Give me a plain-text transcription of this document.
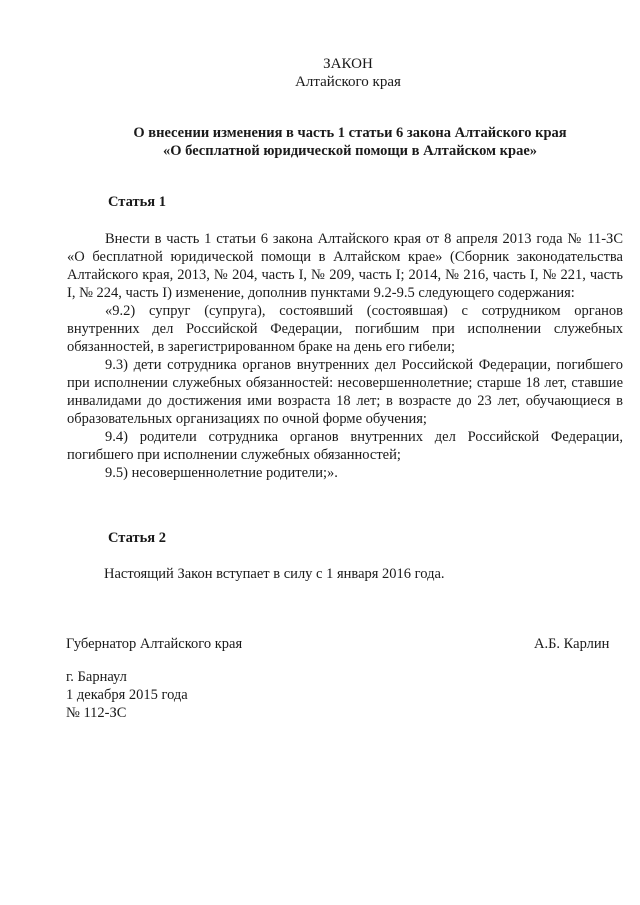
ЗАКОН
Алтайского края
О внесении изменения в часть 1 статьи 6 закона Алтайского края
«О бесплатной юридической помощи в Алтайском крае»
Статья 1

Внести в часть 1 статьи 6 закона Алтайского края от 8 апреля 2013 года № 11-ЗС «О бесплатной юридической помощи в Алтайском крае» (Сборник законодательства Алтайского края, 2013, № 204, часть I, № 209, часть I; 2014, № 216, часть I, № 221, часть I, № 224, часть I) изменение, дополнив пунктами 9.2-9.5 следующего содержания:

«9.2) супруг (супруга), состоявший (состоявшая) с сотрудником органов внутренних дел Российской Федерации, погибшим при исполнении служебных обязанностей, в зарегистрированном браке на день его гибели;

9.3) дети сотрудника органов внутренних дел Российской Федерации, погибшего при исполнении служебных обязанностей: несовершеннолетние; старше 18 лет, ставшие инвалидами до достижения ими возраста 18 лет; в возрасте до 23 лет, обучающиеся в образовательных организациях по очной форме обучения;

9.4) родители сотрудника органов внутренних дел Российской Федерации, погибшего при исполнении служебных обязанностей;

9.5) несовершеннолетние родители;».

Статья 2
Настоящий Закон вступает в силу с 1 января 2016 года.
Губернатор Алтайского края	А.Б. Карлин
г. Барнаул
1 декабря 2015 года
№ 112-ЗС
